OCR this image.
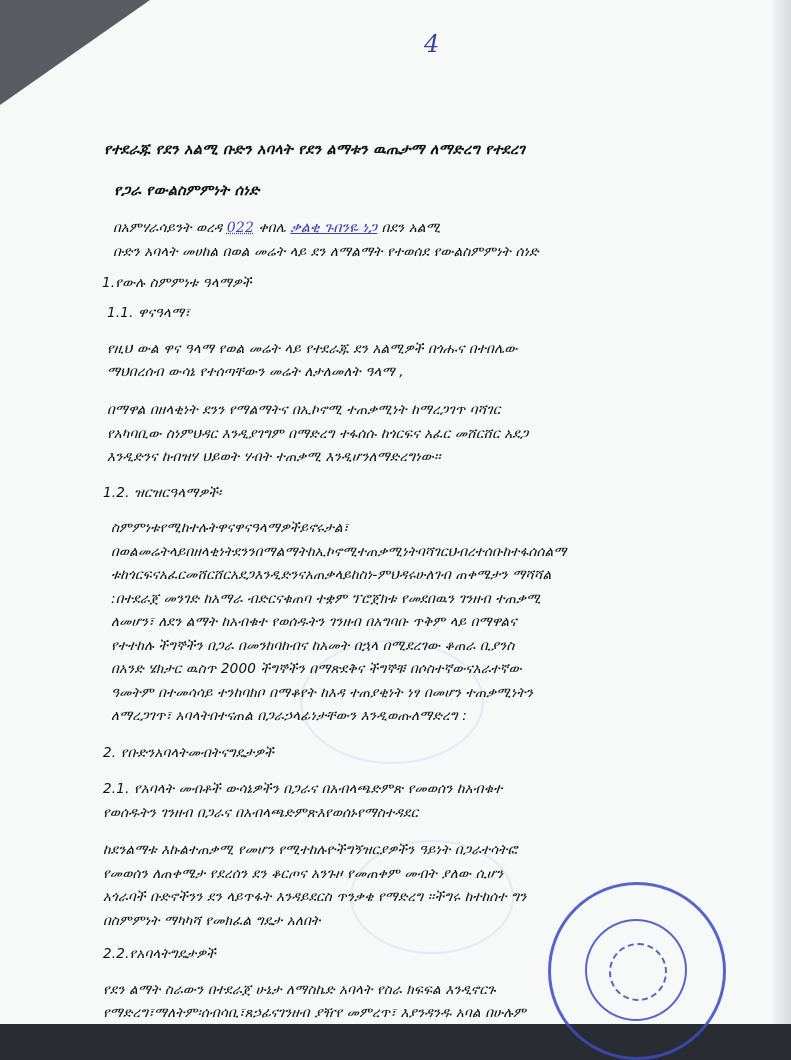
4
የተደራጁ የደን አልሚ ቡድን አባላት የደን ልማቱን ዉጤታማ ለማድረግ የተደረገ
የጋራ የውልስምምነት ሰነድ
በአምሃራሳይንት ወረዳ 022 ቀበሌ ቃልቂ ጉበንዬ ነጋ በደን አልሚ
ቡድን አባላት መሀከል በወል መሬት ላይ ደን ለማልማት የተወሰደ የውልስምምነት ሰነድ
1.የውሉ ስምምነቱ ዓላማዎች
1.1. ዋናዓላማ፣
የዚህ ውል ዋና ዓላማ የወል መሬት ላይ የተደራጁ ደን አልሚዎች በጎሑና በተበሌው
ማህበረሰብ ውሳኔ የተሰጣቸውን መሬት ለታለመለት ዓላማ ,
በማዋል በዘላቂነት ደንን የማልማትና በኢኮኖሚ ተጠቃሚነት ከማረጋገጥ ባሻገር
የአካባቢው ስነምህዳር እንዲያገግም በማድረግ ተፋሰሱ ከጎርፍና አፈር መሸርሸር አደጋ
እንዲድንና ከብዝሃ ህይወት ሃብት ተጠቃሚ እንዲሆንለማድረግነው፡፡
1.2. ዝርዝርዓላማዎች፡
ስምምነቱየሚከተሉትዋናዋናዓላማዎችይኖሩታል፣
በወልመሬትላይበዘላቂነትደንንበማልማትከኢኮኖሚተጠቃሚነትባሻገርህብረተሰቡከተፋሰሰልማ
ቱከጎርፍናአፈርመሸርሸርአደጋእንዲድንናአጠቃላይከስነ-ምህዳሩሁለገብ ጠቀሜታን ማሻሻል
:በተደራጀ መንገድ ከአማራ ብድርናቁጠባ ተቋም ፕሮጀክቱ የመደበዉን ገንዘብ ተጠቃሚ
ለመሆን፣ ለደን ልማት ከአብቁተ የወሰዱትን ገንዘብ በአግባቡ ጥቅም ላይ በማዋልና
የተተከሉ ችግኞችን በጋራ በመንከባከብና ከአመት በኋላ በሚደረገው ቆጠራ ቢያንስ
በአንድ ሄክታር ዉስጥ 2000 ችግኞችን በማጽደቅና ችግኞቹ በሶስተኛውናአራተኛው
ዓመትም በተመሳሳይ ተንከባክቦ በማቆየት ከእዳ ተጠያቂነት ነፃ በመሆን ተጠቃሚነትን
ለማረጋገጥ፣ አባላትበተናጠል በጋራኃላፊነታቸውን እንዲወጡለማድረግ :
2. የቡድንአባላትመብትናግዴታዎች
2.1. የአባላት መብቶች ውሳኔዎችን በጋራና በአብላጫድምጽ የመወሰን ከአብቁተ
የወሰዱትን ገንዘብ በጋራና በአብላጫድምጽእየወሰኑየማስተዳደር
ከደንልማቱ እኩልተጠቃሚ የመሆን የሚተከሉዮችግኝዝርያዎችን ዓይነት በጋራተሳትፎ
የመወሰን ለጠቀሜታ የደረሰን ደን ቆርጦና አንጉዞ የመጠቀም መብት ያለው ሲሆን
አጎራባች ቡድኖችንን ደን ላይጥፋት እንዳይደርስ ጥንቃቄ የማድረግ ፡፡ችግሩ ከተከሰተ ግን
በስምምነት ማካካሻ የመክፈል ግዴታ አለበት
2.2.የአባላትግዴታዎች
የደን ልማት ስራውን በተደራጀ ሁኔታ ለማስኬድ አባላት የስራ ክፍፍል እንዲኖርጉ
የማድረግ፣ማለትም፡ሰብሳቢ፣ጸኃፊናገንዘብ ያዥየ መምረጥ፣ እያንዳንዱ አባል በሁሉም
